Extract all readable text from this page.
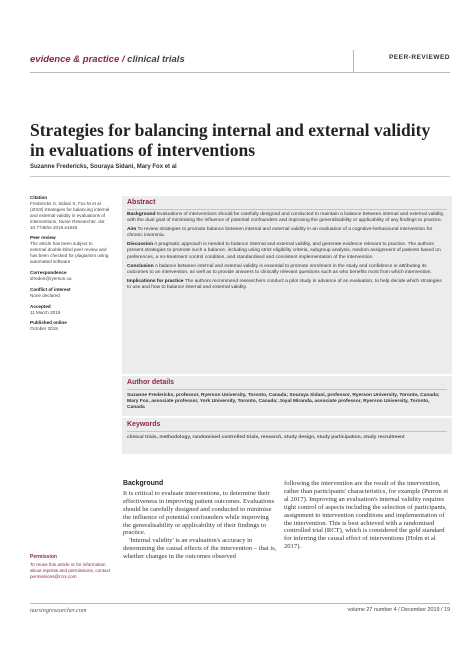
evidence & practice / clinical trials	PEER-REVIEWED
Strategies for balancing internal and external validity in evaluations of interventions
Suzanne Fredericks, Souraya Sidani, Mary Fox et al
Citation
Fredericks S, Sidani S, Fox M et al (2019) Strategies for balancing internal and external validity in evaluations of interventions. Nurse Researcher. doi: 10.7748/nr.2019.e1646
Peer review
The article has been subject to external double-blind peer review and has been checked for plagiarism using automated software
Correspondence
sfrederi@ryerson.ca
Conflict of interest
None declared
Accepted
11 March 2019
Published online
October 2019
Abstract

Background Evaluations of interventions should be carefully designed and conducted to maintain a balance between internal and external validity, with the dual goal of minimising the influence of potential confounders and improving the generalisability or applicability of any findings to practice.

Aim To review strategies to promote balance between internal and external validity in an evaluation of a cognitive-behavioural intervention for chronic insomnia.

Discussion A pragmatic approach is needed to balance internal and external validity, and generate evidence relevant to practice. The authors present strategies to promote such a balance, including using strict eligibility criteria, subgroup analysis, random assignment of patients based on preferences, a no-treatment control condition, and standardised and consistent implementation of the intervention.

Conclusion A balance between internal and external validity is essential to promote enrolment in the study and confidence in attributing its outcomes to an intervention, as well as to provide answers to clinically relevant questions such as who benefits most from which intervention.

Implications for practice The authors recommend researchers conduct a pilot study in advance of an evaluation, to help decide which strategies to use and how to balance internal and external validity.

Author details
Suzanne Fredericks, professor, Ryerson University, Toronto, Canada; Souraya Sidani, professor, Ryerson University, Toronto, Canada; Mary Fox, associate professor, York University, Toronto, Canada; Joyal Miranda, associate professor, Ryerson University, Toronto, Canada
Keywords
clinical trials, methodology, randomised controlled trials, research, study design, study participation, study recruitment
Background

It is critical to evaluate interventions, to determine their effectiveness in improving patient outcomes. Evaluations should be carefully designed and conducted to minimise the influence of potential confounders while improving the generalisability or applicability of their findings to practice.

'Internal validity' is an evaluation's accuracy in determining the causal effects of the intervention – that is, whether changes in the outcomes observed

following the intervention are the result of the intervention, rather than participants' characteristics, for example (Perron et al 2017). Improving an evaluation's internal validity requires tight control of aspects including the selection of participants, assignment to intervention conditions and implementation of the intervention. This is best achieved with a randomised controlled trial (RCT), which is considered the gold standard for inferring the causal effect of interventions (Holm et al 2017).

Permission
To reuse this article or for information about reprints and permissions, contact permissions@rcni.com
nursingresearcher.com	volume 27 number 4 / December 2019 / 19
